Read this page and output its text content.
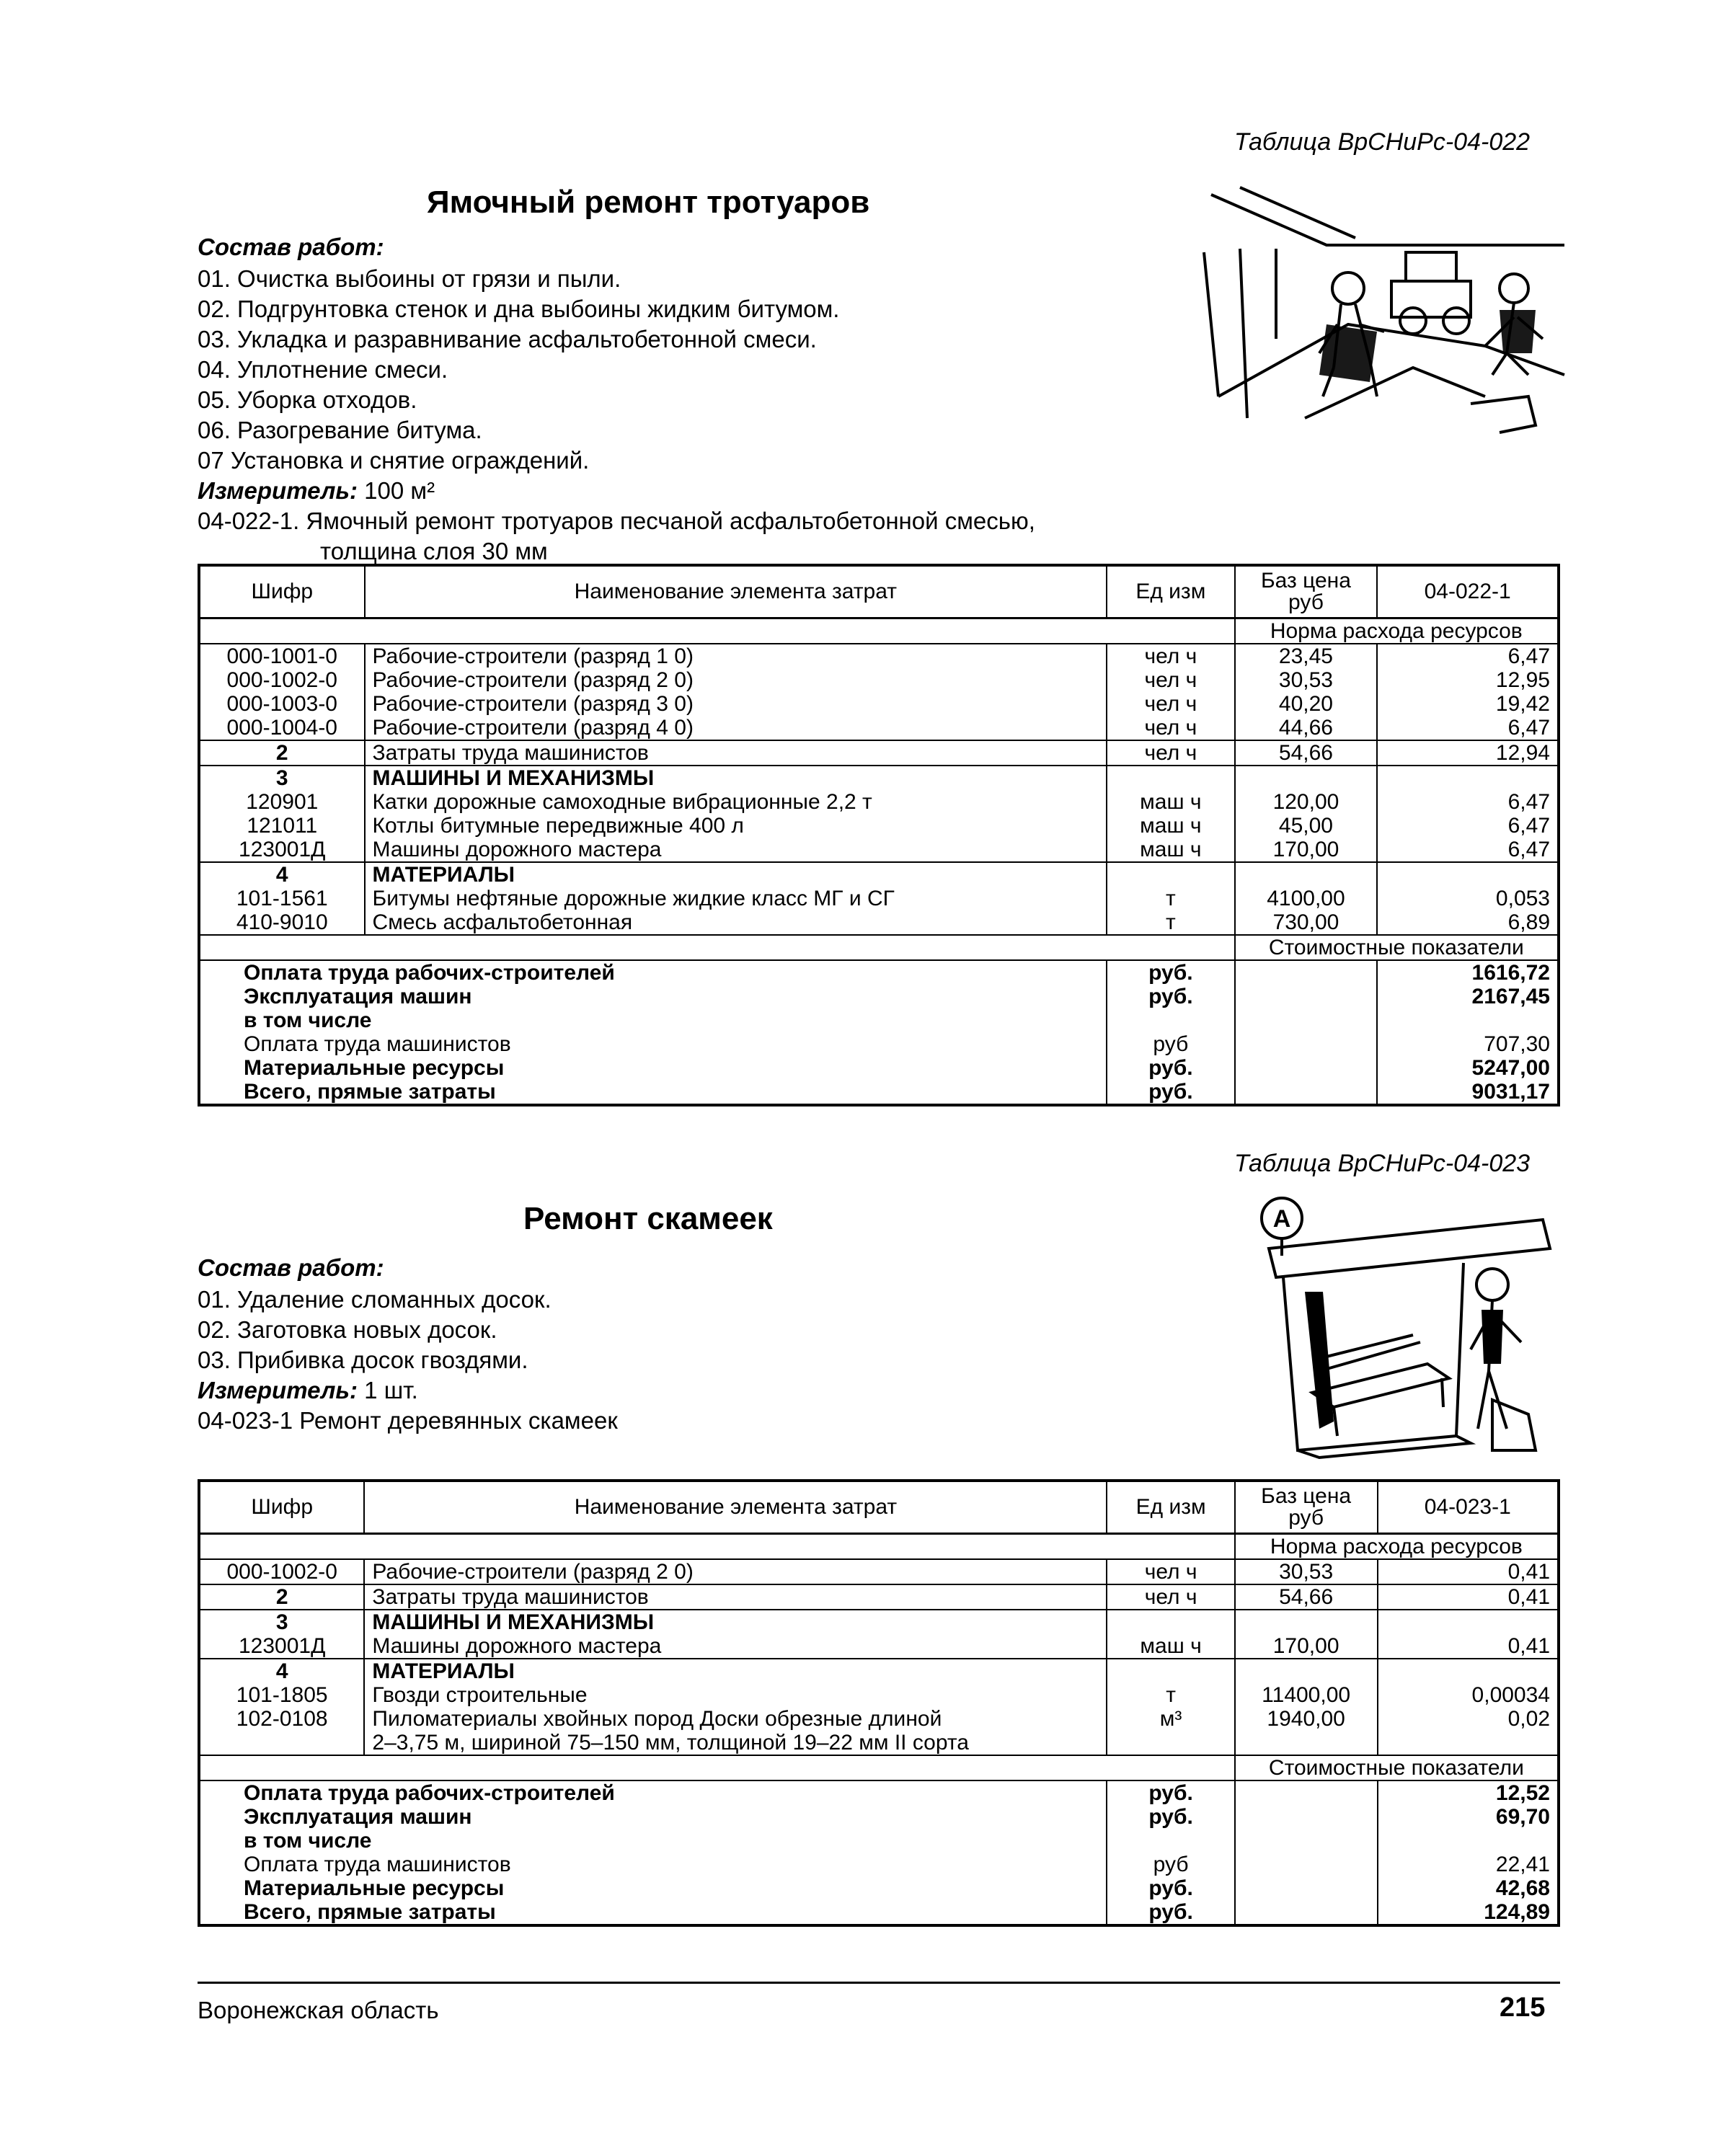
Таблица ВрСНиРс-04-022
Ямочный ремонт тротуаров
Состав работ:
01. Очистка выбоины от грязи и пыли.
02. Подгрунтовка стенок и дна выбоины жидким битумом.
03. Укладка и разравнивание асфальтобетонной смеси.
04. Уплотнение смеси.
05. Уборка отходов.
06. Разогревание битума.
07 Установка и снятие ограждений.
Измеритель: 100 м²
04-022-1. Ямочный ремонт тротуаров песчаной асфальтобетонной смесью,
толщина слоя 30 мм
Шифр	Наименование элемента затрат	Ед изм	Баз цена руб	04-022-1
			Норма расхода ресурсов	
000-1001-0	Рабочие-строители (разряд 1 0)	чел ч	23,45	6,47
000-1002-0	Рабочие-строители (разряд 2 0)	чел ч	30,53	12,95
000-1003-0	Рабочие-строители (разряд 3 0)	чел ч	40,20	19,42
000-1004-0	Рабочие-строители (разряд 4 0)	чел ч	44,66	6,47
2	Затраты труда машинистов	чел ч	54,66	12,94
3	МАШИНЫ И МЕХАНИЗМЫ			
120901	Катки дорожные самоходные вибрационные 2,2 т	маш ч	120,00	6,47
121011	Котлы битумные передвижные 400 л	маш ч	45,00	6,47
123001Д	Машины дорожного мастера	маш ч	170,00	6,47
4	МАТЕРИАЛЫ			
101-1561	Битумы нефтяные дорожные жидкие класс МГ и СГ	т	4100,00	0,053
410-9010	Смесь асфальтобетонная	т	730,00	6,89
			Стоимостные показатели	
Оплата труда рабочих-строителей		руб.		1616,72
Эксплуатация машин		руб.		2167,45
в том числе				
Оплата труда машинистов		руб		707,30
Материальные ресурсы		руб.		5247,00
Всего, прямые затраты		руб.		9031,17
Таблица ВрСНиРс-04-023
Ремонт скамеек
Состав работ:
01. Удаление сломанных досок.
02. Заготовка новых досок.
03. Прибивка досок гвоздями.
Измеритель: 1 шт.
04-023-1 Ремонт деревянных скамеек
A
Шифр	Наименование элемента затрат	Ед изм	Баз цена руб	04-023-1
			Норма расхода ресурсов	
000-1002-0	Рабочие-строители (разряд 2 0)	чел ч	30,53	0,41
2	Затраты труда машинистов	чел ч	54,66	0,41
3	МАШИНЫ И МЕХАНИЗМЫ			
123001Д	Машины дорожного мастера	маш ч	170,00	0,41
4	МАТЕРИАЛЫ			
101-1805	Гвозди строительные	т	11400,00	0,00034
102-0108	Пиломатериалы хвойных пород Доски обрезные длиной	м³	1940,00	0,02
	2–3,75 м, шириной 75–150 мм, толщиной 19–22 мм II сорта			
			Стоимостные показатели	
Оплата труда рабочих-строителей		руб.		12,52
Эксплуатация машин		руб.		69,70
в том числе				
Оплата труда машинистов		руб		22,41
Материальные ресурсы		руб.		42,68
Всего, прямые затраты		руб.		124,89
Воронежская область	215
